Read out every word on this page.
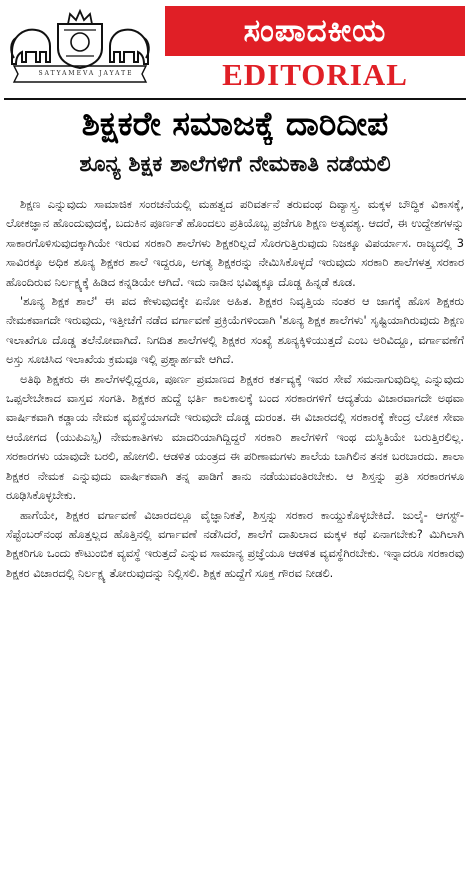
SATYAMEVA JAYATE
ಸಂಪಾದಕೀಯ
EDITORIAL
ಶಿಕ್ಷಕರೇ ಸಮಾಜಕ್ಕೆ ದಾರಿದೀಪ
ಶೂನ್ಯ ಶಿಕ್ಷಕ ಶಾಲೆಗಳಿಗೆ ನೇಮಕಾತಿ ನಡೆಯಲಿ

ಶಿಕ್ಷಣ ಎನ್ನುವುದು ಸಾಮಾಜಿಕ ಸಂರಚನೆಯಲ್ಲಿ ಮಹತ್ವದ ಪರಿವರ್ತನೆ ತರುವಂಥ ದಿವ್ಯಾಸ್ತ್ರ. ಮಕ್ಕಳ ಬೌದ್ಧಿಕ ವಿಕಾಸಕ್ಕೆ, ಲೋಕಜ್ಞಾನ ಹೊಂದುವುದಕ್ಕೆ, ಬದುಕಿನ ಪೂರ್ಣತೆ ಹೊಂದಲು ಪ್ರತಿಯೊಬ್ಬ ಪ್ರಜೆಗೂ ಶಿಕ್ಷಣ ಅತ್ಯವಶ್ಯ. ಆದರೆ, ಈ ಉದ್ದೇಶಗಳನ್ನು ಸಾಕಾರಗೊಳಿಸುವುದಕ್ಕಾಗಿಯೇ ಇರುವ ಸರಕಾರಿ ಶಾಲೆಗಳು ಶಿಕ್ಷಕರಿಲ್ಲದೆ ಸೊರಗುತ್ತಿರುವುದು ನಿಜಕ್ಕೂ ವಿಪರ್ಯಾಸ. ರಾಜ್ಯದಲ್ಲಿ 3 ಸಾವಿರಕ್ಕೂ ಅಧಿಕ ಶೂನ್ಯ ಶಿಕ್ಷಕರ ಶಾಲೆ ಇದ್ದರೂ, ಅಗತ್ಯ ಶಿಕ್ಷಕರನ್ನು ನೇಮಿಸಿಕೊಳ್ಳದೆ ಇರುವುದು ಸರಕಾರಿ ಶಾಲೆಗಳತ್ತ ಸರಕಾರ ಹೊಂದಿರುವ ನಿರ್ಲಕ್ಷ್ಯಕ್ಕೆ ಹಿಡಿದ ಕನ್ನಡಿಯೇ ಆಗಿದೆ. ಇದು ನಾಡಿನ ಭವಿಷ್ಯಕ್ಕೂ ದೊಡ್ಡ ಹಿನ್ನಡೆ ಕೂಡ.

'ಶೂನ್ಯ ಶಿಕ್ಷಕ ಶಾಲೆ' ಈ ಪದ ಕೇಳುವುದಕ್ಕೇ ಏನೋ ಅಹಿತ. ಶಿಕ್ಷಕರ ನಿವೃತ್ತಿಯ ನಂತರ ಆ ಜಾಗಕ್ಕೆ ಹೊಸ ಶಿಕ್ಷಕರು ನೇಮಕವಾಗದೇ ಇರುವುದು, ಇತ್ತೀಚೆಗೆ ನಡೆದ ವರ್ಗಾವಣೆ ಪ್ರಕ್ರಿಯೆಗಳಿಂದಾಗಿ 'ಶೂನ್ಯ ಶಿಕ್ಷಕ ಶಾಲೆಗಳು' ಸೃಷ್ಟಿಯಾಗಿರುವುದು ಶಿಕ್ಷಣ ಇಲಾಖೆಗೂ ದೊಡ್ಡ ತಲೆನೋವಾಗಿದೆ. ನಿಗದಿತ ಶಾಲೆಗಳಲ್ಲಿ ಶಿಕ್ಷಕರ ಸಂಖ್ಯೆ ಶೂನ್ಯಕ್ಕಿಳಿಯುತ್ತದೆ ಎಂಬ ಅರಿವಿದ್ದೂ, ವರ್ಗಾವಣೆಗೆ ಅಸ್ತು ಸೂಚಿಸಿದ ಇಲಾಖೆಯ ಕ್ರಮವೂ ಇಲ್ಲಿ ಪ್ರಶ್ನಾರ್ಹವೇ ಆಗಿದೆ.

ಅತಿಥಿ ಶಿಕ್ಷಕರು ಈ ಶಾಲೆಗಳಲ್ಲಿದ್ದರೂ, ಪೂರ್ಣ ಪ್ರಮಾಣದ ಶಿಕ್ಷಕರ ಕರ್ತವ್ಯಕ್ಕೆ ಇವರ ಸೇವೆ ಸಮನಾಗುವುದಿಲ್ಲ ಎನ್ನುವುದು ಒಪ್ಪಲೇಬೇಕಾದ ವಾಸ್ತವ ಸಂಗತಿ. ಶಿಕ್ಷಕರ ಹುದ್ದೆ ಭರ್ತಿ ಕಾಲಕಾಲಕ್ಕೆ ಬಂದ ಸರಕಾರಗಳಿಗೆ ಆದ್ಯತೆಯ ವಿಚಾರವಾಗದೇ ಅಥವಾ ವಾರ್ಷಿಕವಾಗಿ ಕಡ್ಡಾಯ ನೇಮಕ ವ್ಯವಸ್ಥೆಯಾಗದೇ ಇರುವುದೇ ದೊಡ್ಡ ದುರಂತ. ಈ ವಿಚಾರದಲ್ಲಿ ಸರಕಾರಕ್ಕೆ ಕೇಂದ್ರ ಲೋಕ ಸೇವಾ ಆಯೋಗದ (ಯುಪಿಎಸ್ಸಿ) ನೇಮಕಾತಿಗಳು ಮಾದರಿಯಾಗಿದ್ದಿದ್ದರೆ ಸರಕಾರಿ ಶಾಲೆಗಳಿಗೆ ಇಂಥ ದುಸ್ಥಿತಿಯೇ ಬರುತ್ತಿರಲಿಲ್ಲ. ಸರಕಾರಗಳು ಯಾವುದೇ ಬರಲಿ, ಹೋಗಲಿ. ಆಡಳಿತ ಯಂತ್ರದ ಈ ಪರಿಣಾಮಗಳು ಶಾಲೆಯ ಬಾಗಿಲಿನ ತನಕ ಬರಬಾರದು. ಶಾಲಾ ಶಿಕ್ಷಕರ ನೇಮಕ ಎನ್ನುವುದು ವಾರ್ಷಿಕವಾಗಿ ತನ್ನ ಪಾಡಿಗೆ ತಾನು ನಡೆಯುವಂತಿರಬೇಕು. ಆ ಶಿಸ್ತನ್ನು ಪ್ರತಿ ಸರಕಾರಗಳೂ ರೂಢಿಸಿಕೊಳ್ಳಬೇಕು.

ಹಾಗೆಯೇ, ಶಿಕ್ಷಕರ ವರ್ಗಾವಣೆ ವಿಚಾರದಲ್ಲೂ ವೈಜ್ಞಾನಿಕತೆ, ಶಿಸ್ತನ್ನು ಸರಕಾರ ಕಾಯ್ದುಕೊಳ್ಳಬೇಕಿದೆ. ಜುಲೈ- ಆಗಸ್ಟ್- ಸೆಪ್ಟೆಂಬರ್‌ನಂಥ ಹೊತ್ತಲ್ಲದ ಹೊತ್ತಿನಲ್ಲಿ ವರ್ಗಾವಣೆ ನಡೆಸಿದರೆ, ಶಾಲೆಗೆ ದಾಖಲಾದ ಮಕ್ಕಳ ಕಥೆ ಏನಾಗಬೇಕು? ಮಿಗಿಲಾಗಿ ಶಿಕ್ಷಕರಿಗೂ ಒಂದು ಕೌಟುಂಬಿಕ ವ್ಯವಸ್ಥೆ ಇರುತ್ತದೆ ಎನ್ನುವ ಸಾಮಾನ್ಯ ಪ್ರಜ್ಞೆಯೂ ಆಡಳಿತ ವ್ಯವಸ್ಥೆಗಿರಬೇಕು. ಇನ್ನಾದರೂ ಸರಕಾರವು ಶಿಕ್ಷಕರ ವಿಚಾರದಲ್ಲಿ ನಿರ್ಲಕ್ಷ್ಯ ತೋರುವುದನ್ನು ನಿಲ್ಲಿಸಲಿ. ಶಿಕ್ಷಕ ಹುದ್ದೆಗೆ ಸೂಕ್ತ ಗೌರವ ನೀಡಲಿ.
